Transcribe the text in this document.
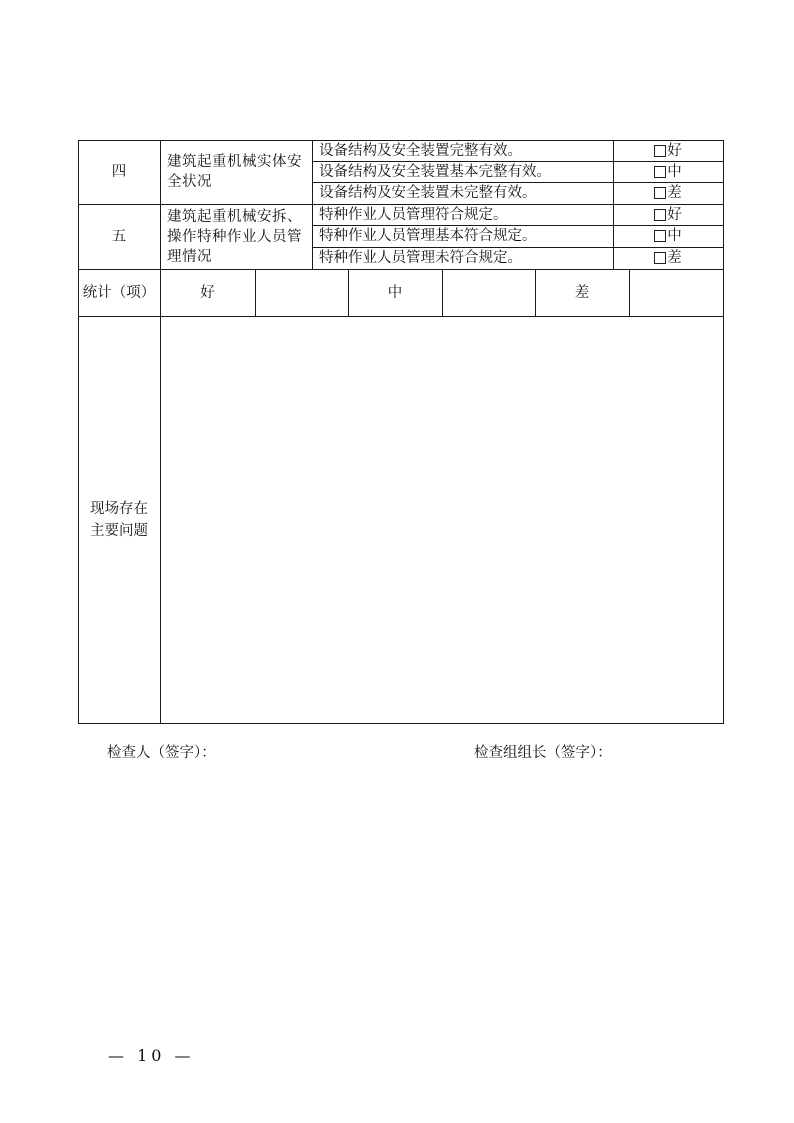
四
建筑起重机械实体安全状况
设备结构及安全装置完整有效。	好
设备结构及安全装置基本完整有效。	中
设备结构及安全装置未完整有效。	差
五
建筑起重机械安拆、操作特种作业人员管理情况
特种作业人员管理符合规定。	好
特种作业人员管理基本符合规定。	中
特种作业人员管理未符合规定。	差
统计（项）	好	中	差
现场存在
主要问题
检查人（签字）：	检查组组长（签字）：
— 10 —
